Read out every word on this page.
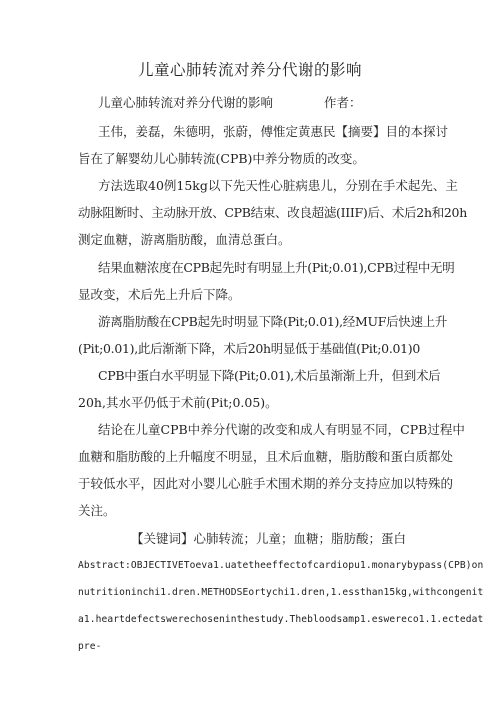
儿童心肺转流对养分代谢的影响
儿童心肺转流对养分代谢的影响	作者：
王伟，姜磊，朱德明，张蔚，傅惟定黄惠民【摘要】目的本探讨
旨在了解婴幼儿心肺转流(CPB)中养分物质的改变。
方法选取40例15kg以下先天性心脏病患儿，分别在手术起先、主
动脉阻断时、主动脉开放、CPB结束、改良超滤(IIIF)后、术后2h和20h
测定血糖，游离脂肪酸，血清总蛋白。
结果血糖浓度在CPB起先时有明显上升(Pit;0.01),CPB过程中无明
显改变，术后先上升后下降。
游离脂肪酸在CPB起先时明显下降(Pit;0.01),经MUF后快速上升
(Pit;0.01),此后渐渐下降，术后20h明显低于基础值(Pit;0.01)0
CPB中蛋白水平明显下降(Pit;0.01),术后虽渐渐上升，但到术后
20h,其水平仍低于术前(Pit;0.05)。
结论在儿童CPB中养分代谢的改变和成人有明显不同，CPB过程中
血糖和脂肪酸的上升幅度不明显，且术后血糖，脂肪酸和蛋白质都处
于较低水平，因此对小婴儿心脏手术围术期的养分支持应加以特殊的
关注。
【关键词】心肺转流；儿童；血糖；脂肪酸；蛋白
Abstract:OBJECTIVEToeva1.uatetheeffectofcardiopu1.monarybypass(CPB)on
nutritioninchi1.dren.METHODSEortychi1.dren,1.essthan15kg,withcongenit
a1.heartdefectswerechoseninthestudy.Thebloodsamp1.eswereco1.1.ectedat
pre-
